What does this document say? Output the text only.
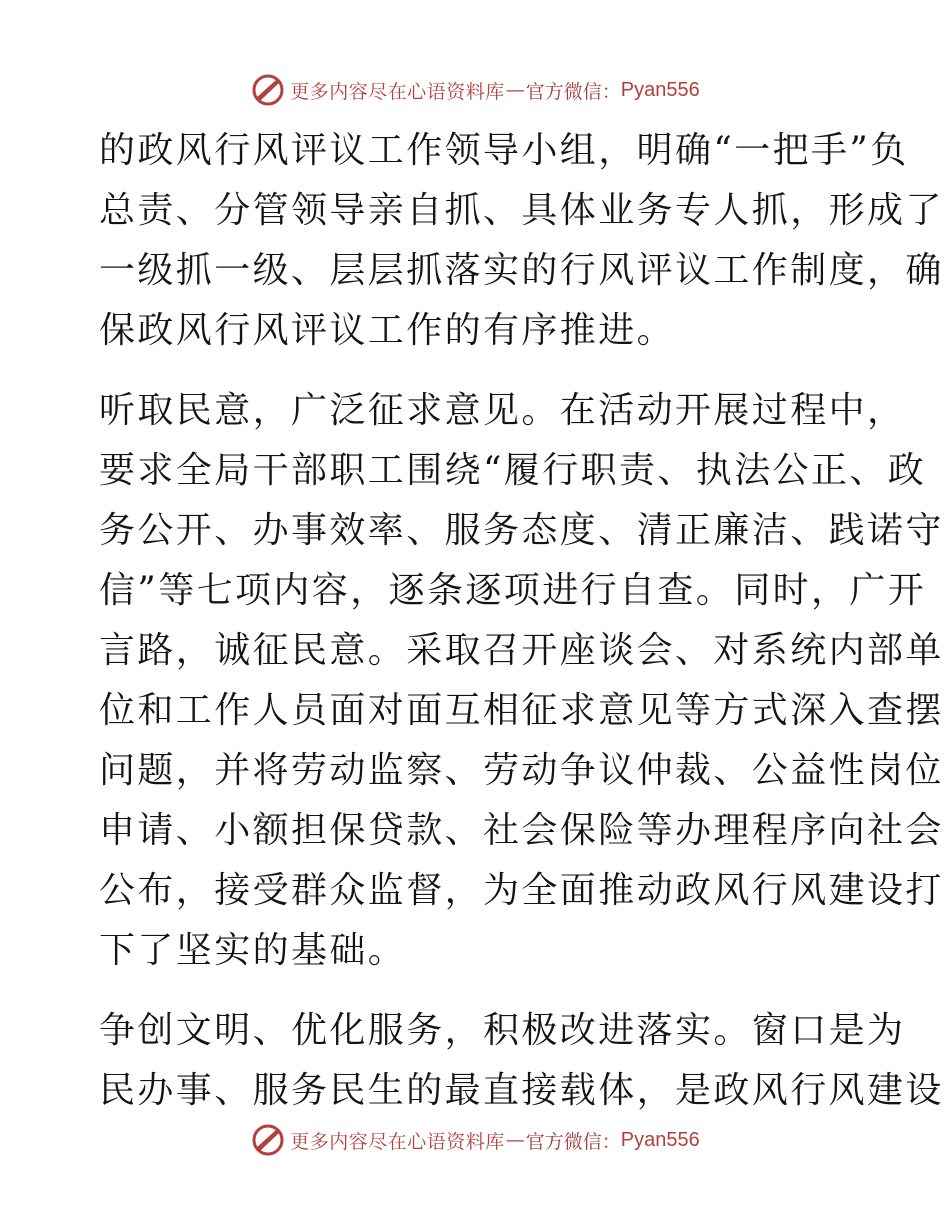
更多内容尽在心语资料库 — 官方微信： Pyan556

的政风行风评议工作领导小组，明确“一把手”负
总责、分管领导亲自抓、具体业务专人抓，形成了
一级抓一级、层层抓落实的行风评议工作制度，确
保政风行风评议工作的有序推进。

听取民意，广泛征求意见。在活动开展过程中，
要求全局干部职工围绕“履行职责、执法公正、政
务公开、办事效率、服务态度、清正廉洁、践诺守
信”等七项内容，逐条逐项进行自查。同时，广开
言路，诚征民意。采取召开座谈会、对系统内部单
位和工作人员面对面互相征求意见等方式深入查摆
问题，并将劳动监察、劳动争议仲裁、公益性岗位
申请、小额担保贷款、社会保险等办理程序向社会
公布，接受群众监督，为全面推动政风行风建设打
下了坚实的基础。

争创文明、优化服务，积极改进落实。窗口是为
民办事、服务民生的最直接载体，是政风行风建设

更多内容尽在心语资料库 — 官方微信： Pyan556
